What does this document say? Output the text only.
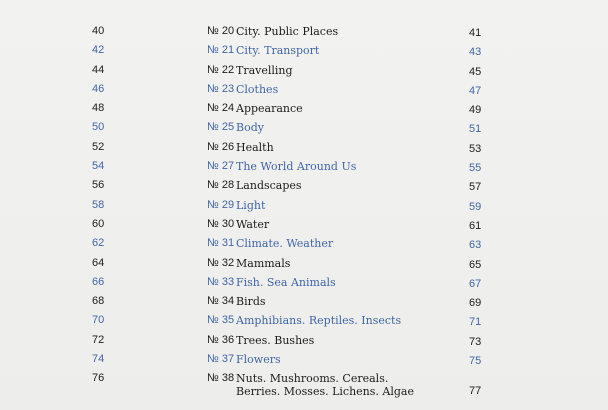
40	№ 20 City. Public Places	41
42	№ 21 City. Transport	43
44	№ 22 Travelling	45
46	№ 23 Clothes	47
48	№ 24 Appearance	49
50	№ 25 Body	51
52	№ 26 Health	53
54	№ 27 The World Around Us	55
56	№ 28 Landscapes	57
58	№ 29 Light	59
60	№ 30 Water	61
62	№ 31 Climate. Weather	63
64	№ 32 Mammals	65
66	№ 33 Fish. Sea Animals	67
68	№ 34 Birds	69
70	№ 35 Amphibians. Reptiles. Insects	71
72	№ 36 Trees. Bushes	73
74	№ 37 Flowers	75
76	№ 38 Nuts. Mushrooms. Cereals.
Berries. Mosses. Lichens. Algae	77
